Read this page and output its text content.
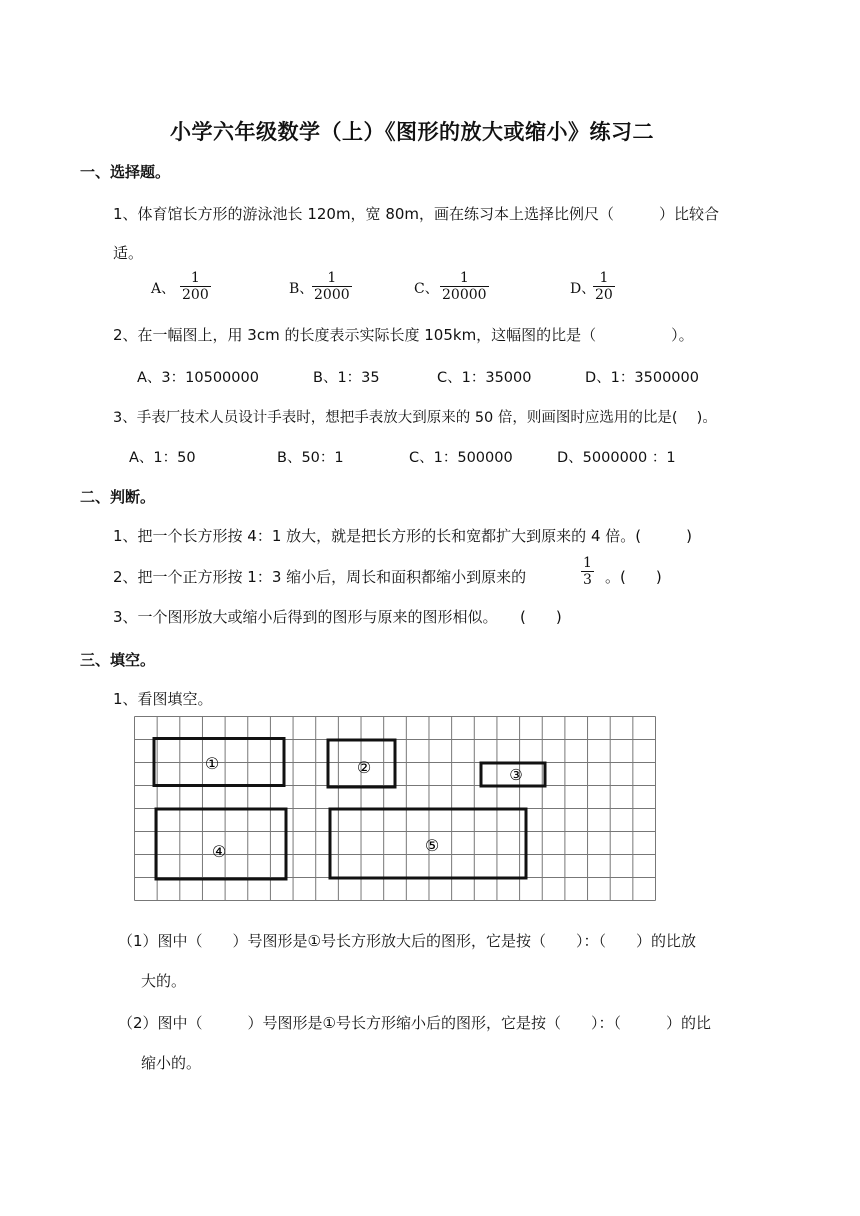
小学六年级数学（上）《图形的放大或缩小》练习二
一、选择题。
1、体育馆长方形的游泳池长 120m，宽 80m，画在练习本上选择比例尺（　　　）比较合
适。
A、 $\frac{1}{200}$	B、
$\frac{1}{2000}$	C、 $\frac{1}{20000}$	D、
$\frac{1}{20}$
2、在一幅图上，用 3cm 的长度表示实际长度 105km，这幅图的比是（　　　　　）。
A、3：10500000	B、1：35	C、1：35000	D、1：3500000
3、手表厂技术人员设计手表时，想把手表放大到原来的 50 倍，则画图时应选用的比是(　 )。
A、1：50	B、50：1	C、1：500000	D、5000000 ：1
二、判断。
1、把一个长方形按 4：1 放大，就是把长方形的长和宽都扩大到原来的 4 倍。(　　　)
2、把一个正方形按 1：3 缩小后，周长和面积都缩小到原来的	$\frac{1}{3}$ 。(　　)
3、一个图形放大或缩小后得到的图形与原来的图形相似。　　(　　)
三、填空。
1、看图填空。
①	②	③
④	⑤
（1）图中（　　）号图形是①号长方形放大后的图形，它是按（　　）：（　　）的比放
大的。
（2）图中（　　　）号图形是①号长方形缩小后的图形，它是按（　　）：（　　　）的比
缩小的。
